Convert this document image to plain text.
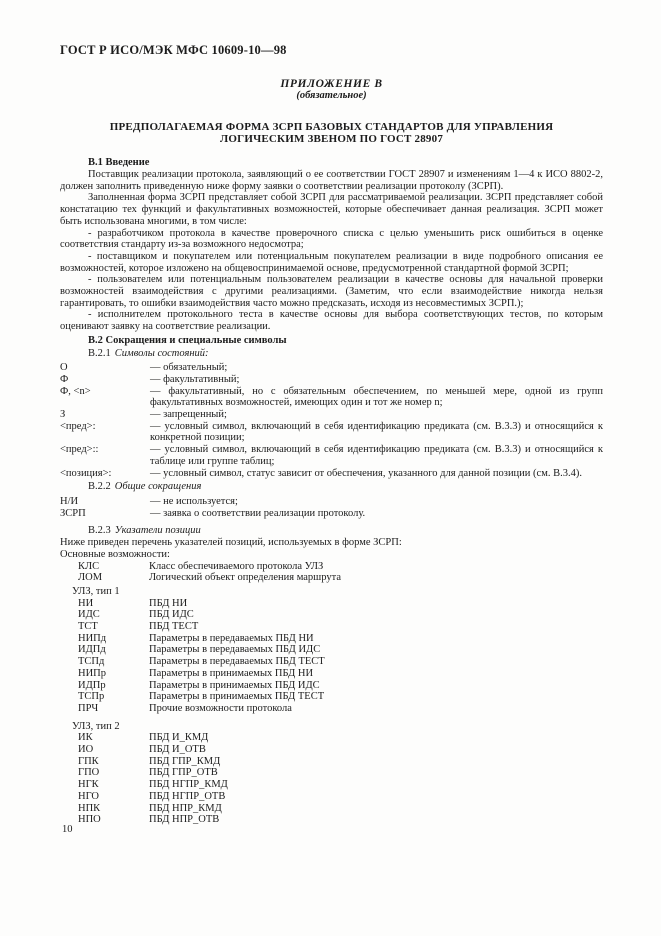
ГОСТ Р ИСО/МЭК МФС 10609-10—98
ПРИЛОЖЕНИЕ В
(обязательное)
ПРЕДПОЛАГАЕМАЯ ФОРМА ЗСРП БАЗОВЫХ СТАНДАРТОВ ДЛЯ УПРАВЛЕНИЯ
ЛОГИЧЕСКИМ ЗВЕНОМ ПО ГОСТ 28907
В.1 Введение

Поставщик реализации протокола, заявляющий о ее соответствии ГОСТ 28907 и изменениям 1—4 к ИСО 8802-2, должен заполнить приведенную ниже форму заявки о соответствии реализации протоколу (ЗСРП).

Заполненная форма ЗСРП представляет собой ЗСРП для рассматриваемой реализации. ЗСРП представляет собой констатацию тех функций и факультативных возможностей, которые обеспечивает данная реализация. ЗСРП может быть использована многими, в том числе:

- разработчиком протокола в качестве проверочного списка с целью уменьшить риск ошибиться в оценке соответствия стандарту из-за возможного недосмотра;

- поставщиком и покупателем или потенциальным покупателем реализации в виде подробного описания ее возможностей, которое изложено на общевоспринимаемой основе, предусмотренной стандартной формой ЗСРП;

- пользователем или потенциальным пользователем реализации в качестве основы для начальной проверки возможностей взаимодействия с другими реализациями. (Заметим, что если взаимодействие никогда нельзя гарантировать, то ошибки взаимодействия часто можно предсказать, исходя из несовместимых ЗСРП.);

- исполнителем протокольного теста в качестве основы для выбора соответствующих тестов, по которым оценивают заявку на соответствие реализации.

В.2 Сокращения и специальные символы
В.2.1 Символы состояний:
О	— обязательный;
Ф	— факультативный;
Ф, <n>	— факультативный, но с обязательным обеспечением, по меньшей мере, одной из групп факультативных возможностей, имеющих один и тот же номер n;
З	— запрещенный;
<пред>:	— условный символ, включающий в себя идентификацию предиката (см. В.3.3) и относящийся к конкретной позиции;
<пред>::	— условный символ, включающий в себя идентификацию предиката (см. В.3.3) и относящийся к таблице или группе таблиц;
<позиция>:	— условный символ, статус зависит от обеспечения, указанного для данной позиции (см. В.3.4).
В.2.2 Общие сокращения
Н/И	— не используется;
ЗСРП	— заявка о соответствии реализации протоколу.
В.2.3 Указатели позиции
Ниже приведен перечень указателей позиций, используемых в форме ЗСРП:
Основные возможности:
КЛС	Класс обеспечиваемого протокола УЛЗ
ЛОМ	Логический объект определения маршрута
УЛЗ, тип 1
НИ	ПБД НИ
ИДС	ПБД ИДС
ТСТ	ПБД ТЕСТ
НИПд	Параметры в передаваемых ПБД НИ
ИДПд	Параметры в передаваемых ПБД ИДС
ТСПд	Параметры в передаваемых ПБД ТЕСТ
НИПр	Параметры в принимаемых ПБД НИ
ИДПр	Параметры в принимаемых ПБД ИДС
ТСПр	Параметры в принимаемых ПБД ТЕСТ
ПРЧ	Прочие возможности протокола
УЛЗ, тип 2
ИК	ПБД И_КМД
ИО	ПБД И_ОТВ
ГПК	ПБД ГПР_КМД
ГПО	ПБД ГПР_ОТВ
НГК	ПБД НГПР_КМД
НГО	ПБД НГПР_ОТВ
НПК	ПБД НПР_КМД
НПО	ПБД НПР_ОТВ
10
